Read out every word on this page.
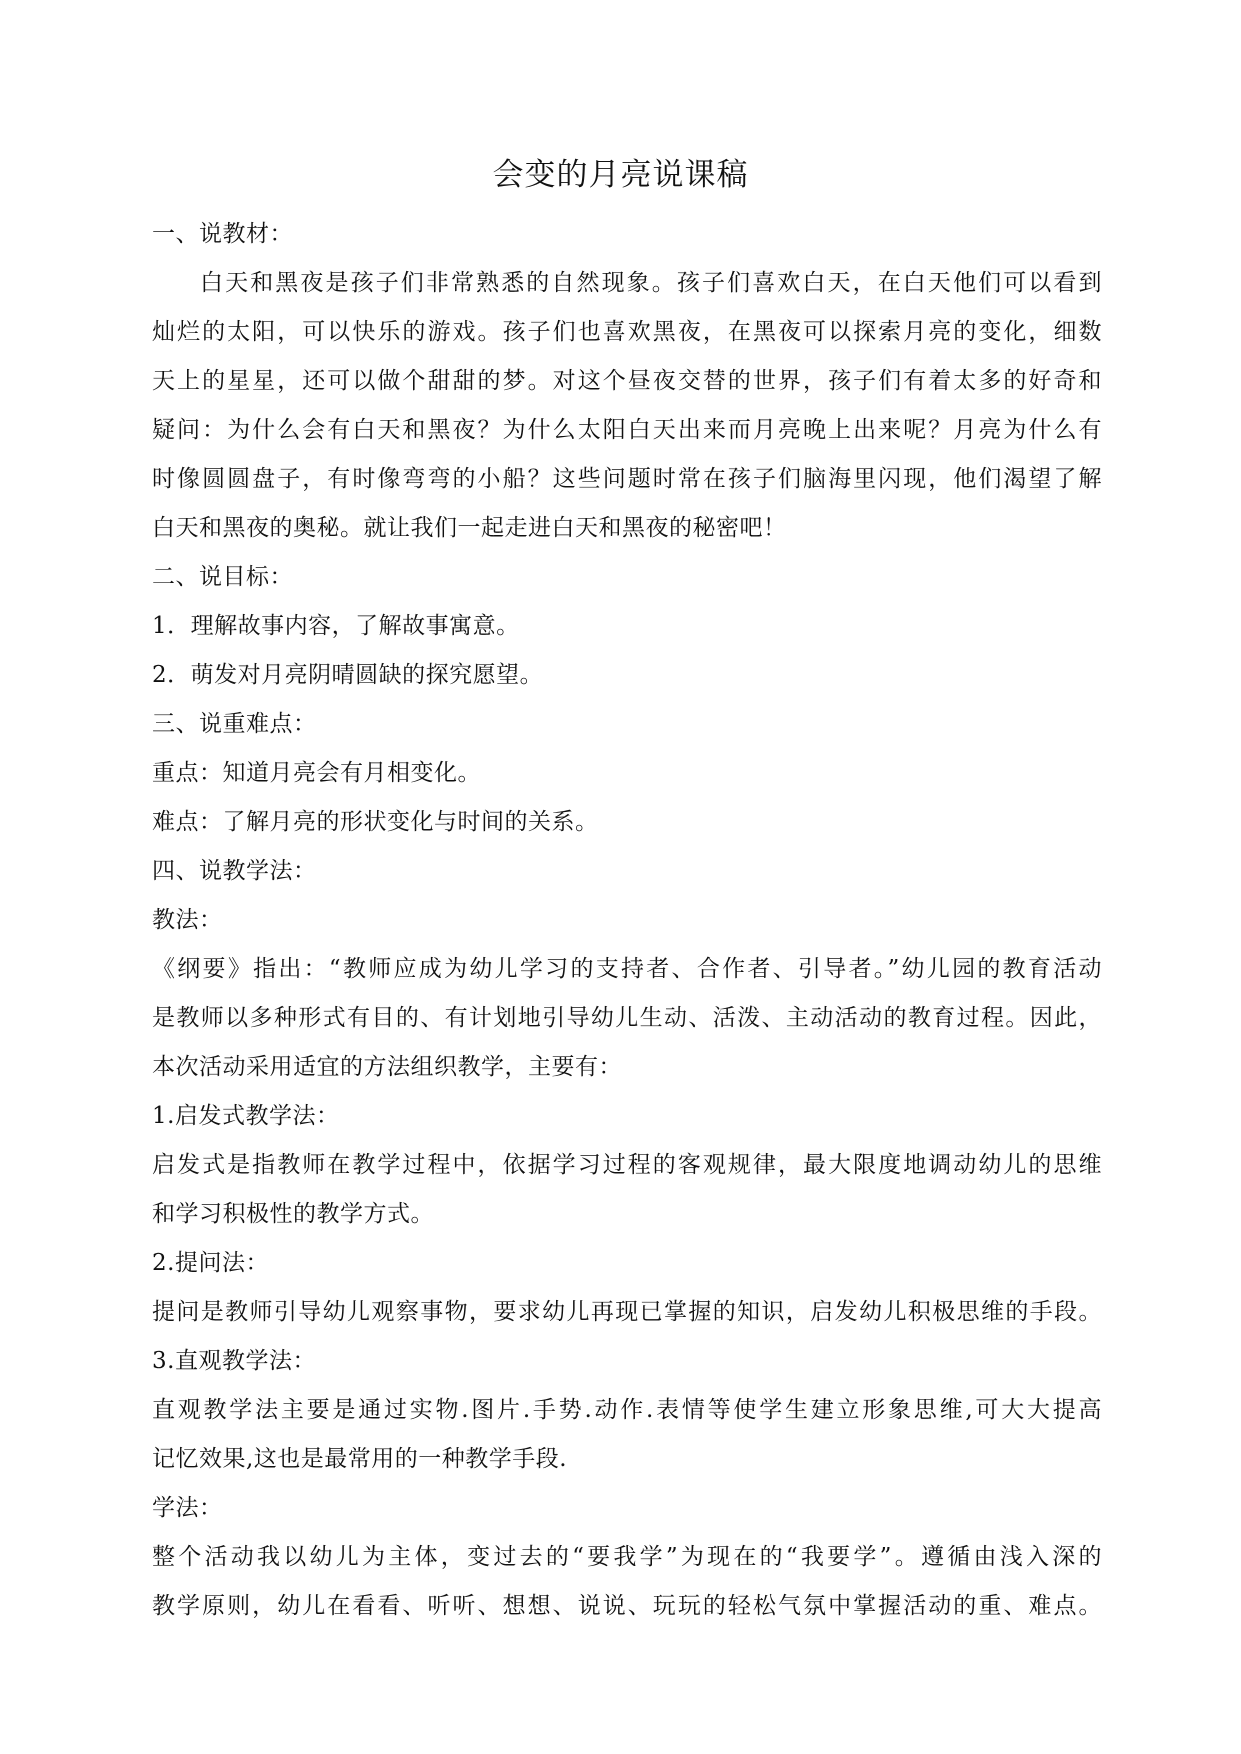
会变的月亮说课稿
一、说教材：
白天和黑夜是孩子们非常熟悉的自然现象。孩子们喜欢白天，在白天他们可以看到
灿烂的太阳，可以快乐的游戏。孩子们也喜欢黑夜，在黑夜可以探索月亮的变化，细数
天上的星星，还可以做个甜甜的梦。对这个昼夜交替的世界，孩子们有着太多的好奇和
疑问：为什么会有白天和黑夜？为什么太阳白天出来而月亮晚上出来呢？月亮为什么有
时像圆圆盘子，有时像弯弯的小船？这些问题时常在孩子们脑海里闪现，他们渴望了解
白天和黑夜的奥秘。就让我们一起走进白天和黑夜的秘密吧！
二、说目标：
1．理解故事内容，了解故事寓意。
2．萌发对月亮阴晴圆缺的探究愿望。
三、说重难点：
重点：知道月亮会有月相变化。
难点：了解月亮的形状变化与时间的关系。
四、说教学法：
教法：
《纲要》指出：“教师应成为幼儿学习的支持者、合作者、引导者。”幼儿园的教育活动
是教师以多种形式有目的、有计划地引导幼儿生动、活泼、主动活动的教育过程。因此，
本次活动采用适宜的方法组织教学，主要有：
1.启发式教学法：
启发式是指教师在教学过程中，依据学习过程的客观规律，最大限度地调动幼儿的思维
和学习积极性的教学方式。
2.提问法：
提问是教师引导幼儿观察事物，要求幼儿再现已掌握的知识，启发幼儿积极思维的手段。
3.直观教学法：
直观教学法主要是通过实物.图片.手势.动作.表情等使学生建立形象思维,可大大提高
记忆效果,这也是最常用的一种教学手段.
学法：
整个活动我以幼儿为主体，变过去的“要我学”为现在的“我要学”。遵循由浅入深的
教学原则，幼儿在看看、听听、想想、说说、玩玩的轻松气氛中掌握活动的重、难点。
